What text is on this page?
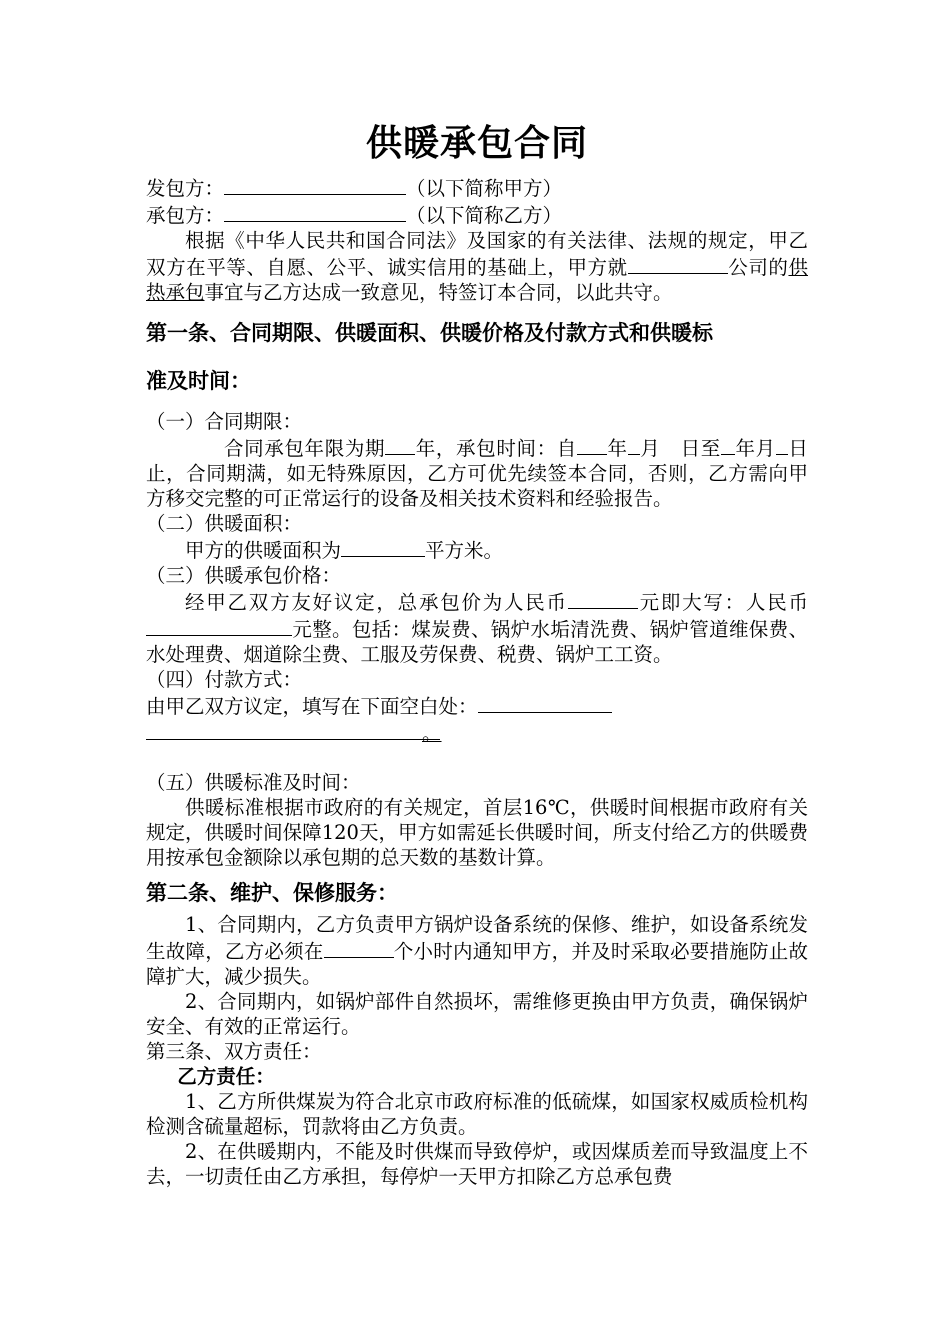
供暖承包合同

发包方：	（以下简称甲方）

承包方：	（以下简称乙方）

根据《中华人民共和国合同法》及国家的有关法律、法规的规定，甲乙双方在平等、自愿、公平、诚实信用的基础上，甲方就	公司的供热承包事宜与乙方达成一致意见，特签订本合同，以此共守。

第一条、合同期限、供暖面积、供暖价格及付款方式和供暖标
准及时间：

（一）合同期限：

合同承包年限为期 年，承包时间：自 年 月　日至 年月 日止，合同期满，如无特殊原因，乙方可优先续签本合同，否则，乙方需向甲方移交完整的可正常运行的设备及相关技术资料和经验报告。

（二）供暖面积：

甲方的供暖面积为	平方米。

（三）供暖承包价格：

经甲乙双方友好议定，总承包价为人民币	元即大写：人民币元整。包括：煤炭费、锅炉水垢清洗费、锅炉管道维保费、水处理费、烟道除尘费、工服及劳保费、税费、锅炉工工资。

（四）付款方式：

由甲乙双方议定，填写在下面空白处：

。

（五）供暖标准及时间：

供暖标准根据市政府的有关规定，首层16℃，供暖时间根据市政府有关规定，供暖时间保障120天，甲方如需延长供暖时间，所支付给乙方的供暖费用按承包金额除以承包期的总天数的基数计算。

第二条、维护、保修服务：

1、合同期内，乙方负责甲方锅炉设备系统的保修、维护，如设备系统发生故障，乙方必须在	个小时内通知甲方，并及时采取必要措施防止故障扩大，减少损失。

2、合同期内，如锅炉部件自然损坏，需维修更换由甲方负责，确保锅炉安全、有效的正常运行。

第三条、双方责任：

乙方责任：

1、乙方所供煤炭为符合北京市政府标准的低硫煤，如国家权威质检机构检测含硫量超标，罚款将由乙方负责。

2、在供暖期内，不能及时供煤而导致停炉，或因煤质差而导致温度上不去，一切责任由乙方承担，每停炉一天甲方扣除乙方总承包费
